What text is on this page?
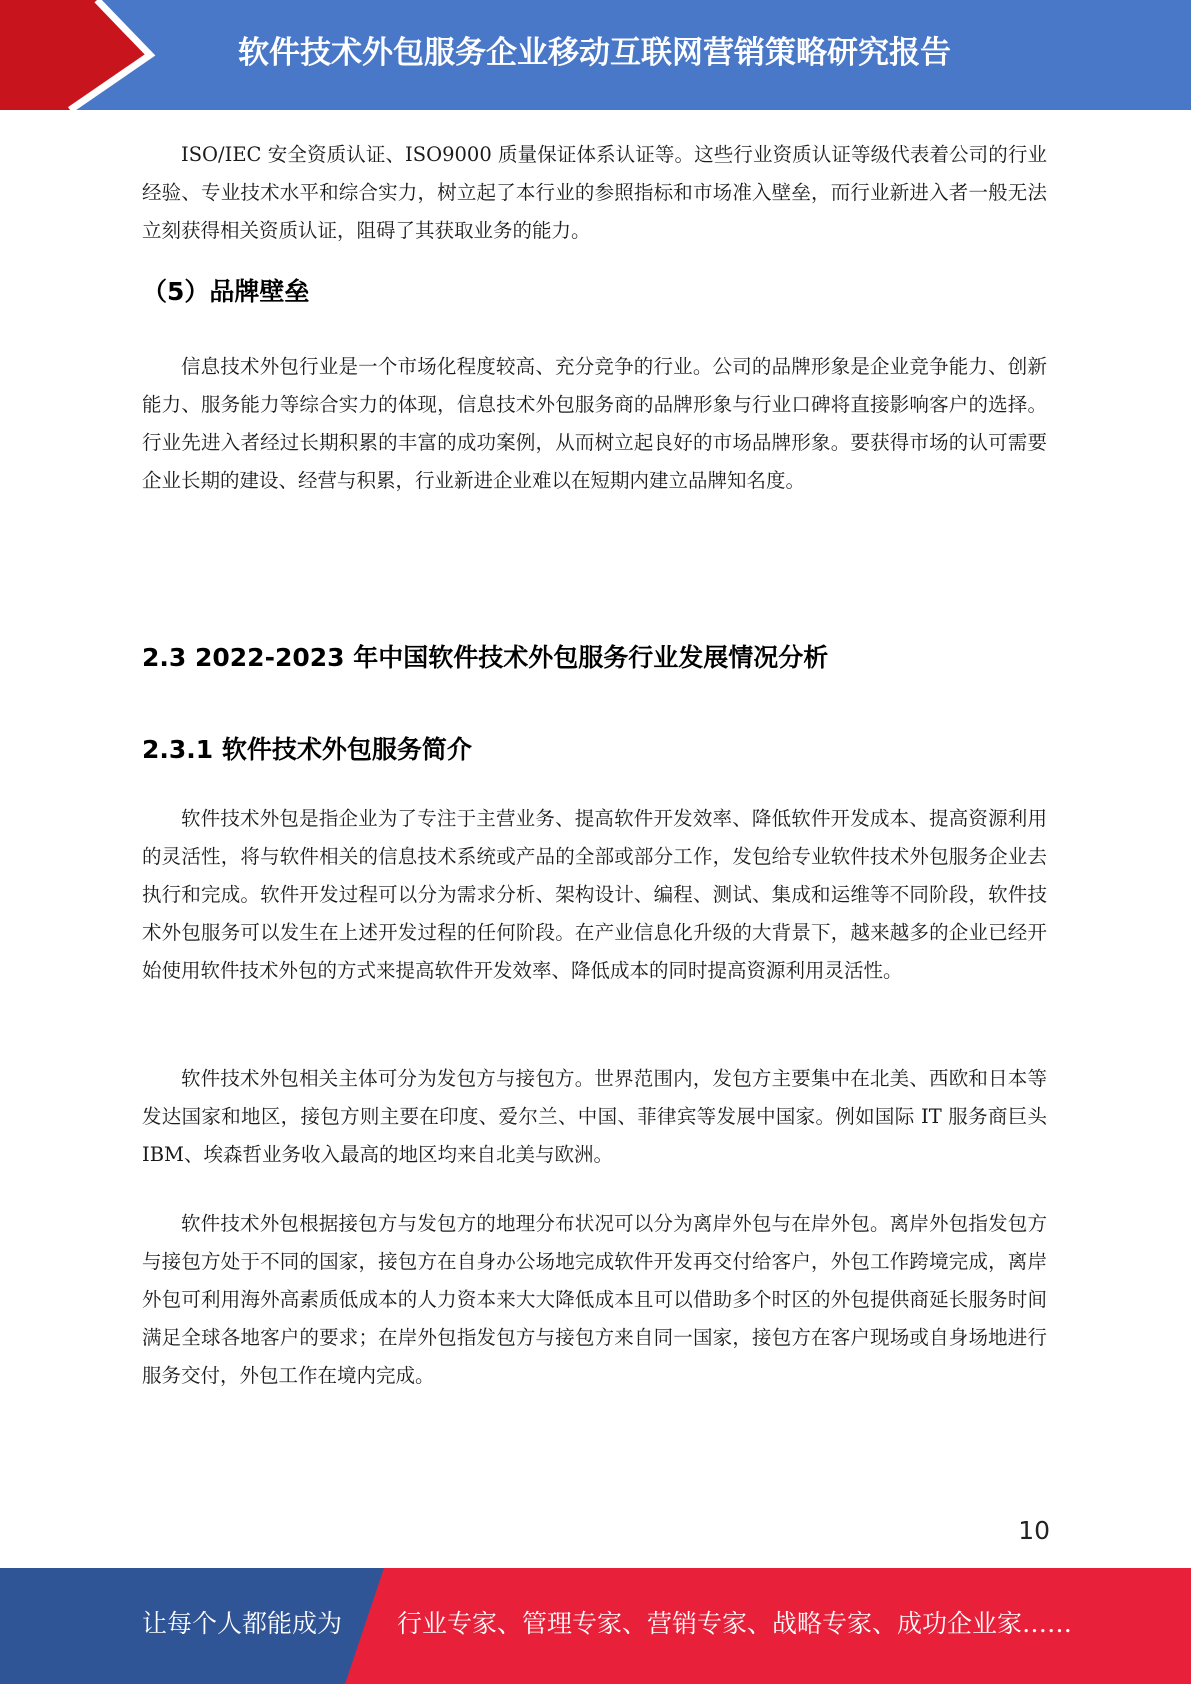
软件技术外包服务企业移动互联网营销策略研究报告

ISO/IEC 安全资质认证、ISO9000 质量保证体系认证等。这些行业资质认证等级代表着公司的行业经验、专业技术水平和综合实力，树立起了本行业的参照指标和市场准入壁垒，而行业新进入者一般无法立刻获得相关资质认证，阻碍了其获取业务的能力。

（5）品牌壁垒

信息技术外包行业是一个市场化程度较高、充分竞争的行业。公司的品牌形象是企业竞争能力、创新能力、服务能力等综合实力的体现，信息技术外包服务商的品牌形象与行业口碑将直接影响客户的选择。行业先进入者经过长期积累的丰富的成功案例，从而树立起良好的市场品牌形象。要获得市场的认可需要企业长期的建设、经营与积累，行业新进企业难以在短期内建立品牌知名度。

2.3 2022-2023 年中国软件技术外包服务行业发展情况分析
2.3.1 软件技术外包服务简介

软件技术外包是指企业为了专注于主营业务、提高软件开发效率、降低软件开发成本、提高资源利用的灵活性，将与软件相关的信息技术系统或产品的全部或部分工作，发包给专业软件技术外包服务企业去执行和完成。软件开发过程可以分为需求分析、架构设计、编程、测试、集成和运维等不同阶段，软件技术外包服务可以发生在上述开发过程的任何阶段。在产业信息化升级的大背景下，越来越多的企业已经开始使用软件技术外包的方式来提高软件开发效率、降低成本的同时提高资源利用灵活性。

软件技术外包相关主体可分为发包方与接包方。世界范围内，发包方主要集中在北美、西欧和日本等发达国家和地区，接包方则主要在印度、爱尔兰、中国、菲律宾等发展中国家。例如国际 IT 服务商巨头 IBM、埃森哲业务收入最高的地区均来自北美与欧洲。

软件技术外包根据接包方与发包方的地理分布状况可以分为离岸外包与在岸外包。离岸外包指发包方与接包方处于不同的国家，接包方在自身办公场地完成软件开发再交付给客户，外包工作跨境完成，离岸外包可利用海外高素质低成本的人力资本来大大降低成本且可以借助多个时区的外包提供商延长服务时间满足全球各地客户的要求；在岸外包指发包方与接包方来自同一国家，接包方在客户现场或自身场地进行服务交付，外包工作在境内完成。

10
让每个人都能成为 行业专家、管理专家、营销专家、战略专家、成功企业家……
